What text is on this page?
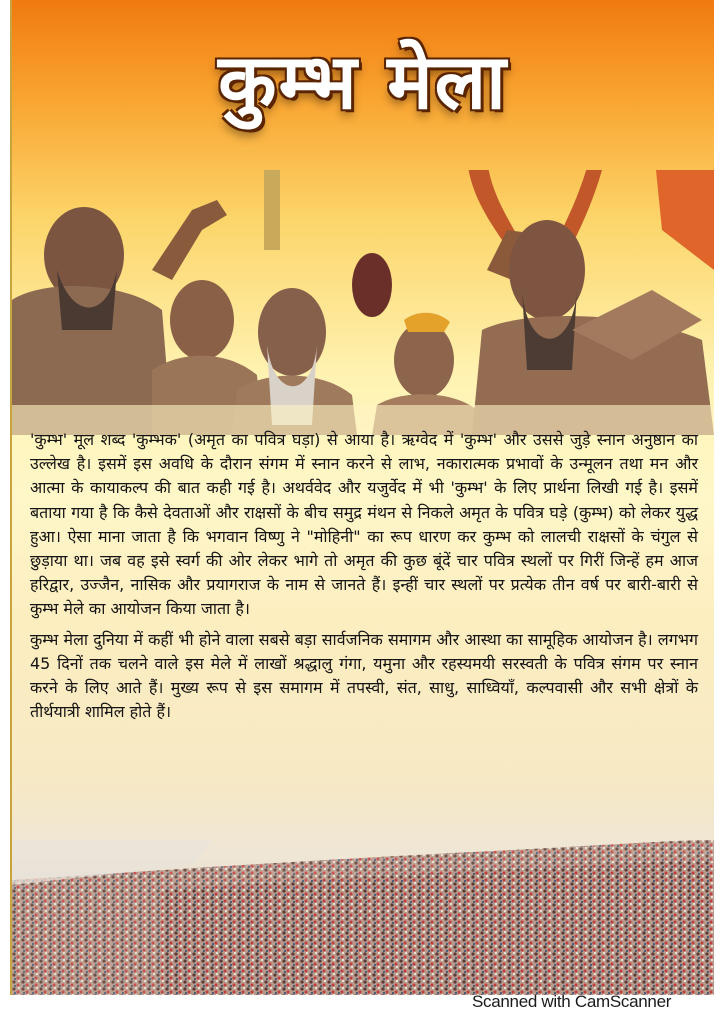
कुम्भ मेला

'कुम्भ' मूल शब्द 'कुम्भक' (अमृत का पवित्र घड़ा) से आया है। ऋग्वेद में 'कुम्भ' और उससे जुड़े स्नान अनुष्ठान का उल्लेख है। इसमें इस अवधि के दौरान संगम में स्नान करने से लाभ, नकारात्मक प्रभावों के उन्मूलन तथा मन और आत्मा के कायाकल्प की बात कही गई है। अथर्ववेद और यजुर्वेद में भी 'कुम्भ' के लिए प्रार्थना लिखी गई है। इसमें बताया गया है कि कैसे देवताओं और राक्षसों के बीच समुद्र मंथन से निकले अमृत के पवित्र घड़े (कुम्भ) को लेकर युद्ध हुआ। ऐसा माना जाता है कि भगवान विष्णु ने "मोहिनी" का रूप धारण कर कुम्भ को लालची राक्षसों के चंगुल से छुड़ाया था। जब वह इसे स्वर्ग की ओर लेकर भागे तो अमृत की कुछ बूंदें चार पवित्र स्थलों पर गिरीं जिन्हें हम आज हरिद्वार, उज्जैन, नासिक और प्रयागराज के नाम से जानते हैं। इन्हीं चार स्थलों पर प्रत्येक तीन वर्ष पर बारी-बारी से कुम्भ मेले का आयोजन किया जाता है।

कुम्भ मेला दुनिया में कहीं भी होने वाला सबसे बड़ा सार्वजनिक समागम और आस्था का सामूहिक आयोजन है। लगभग 45 दिनों तक चलने वाले इस मेले में लाखों श्रद्धालु गंगा, यमुना और रहस्यमयी सरस्वती के पवित्र संगम पर स्नान करने के लिए आते हैं। मुख्य रूप से इस समागम में तपस्वी, संत, साधु, साध्वियाँ, कल्पवासी और सभी क्षेत्रों के तीर्थयात्री शामिल होते हैं।

Scanned with CamScanner
